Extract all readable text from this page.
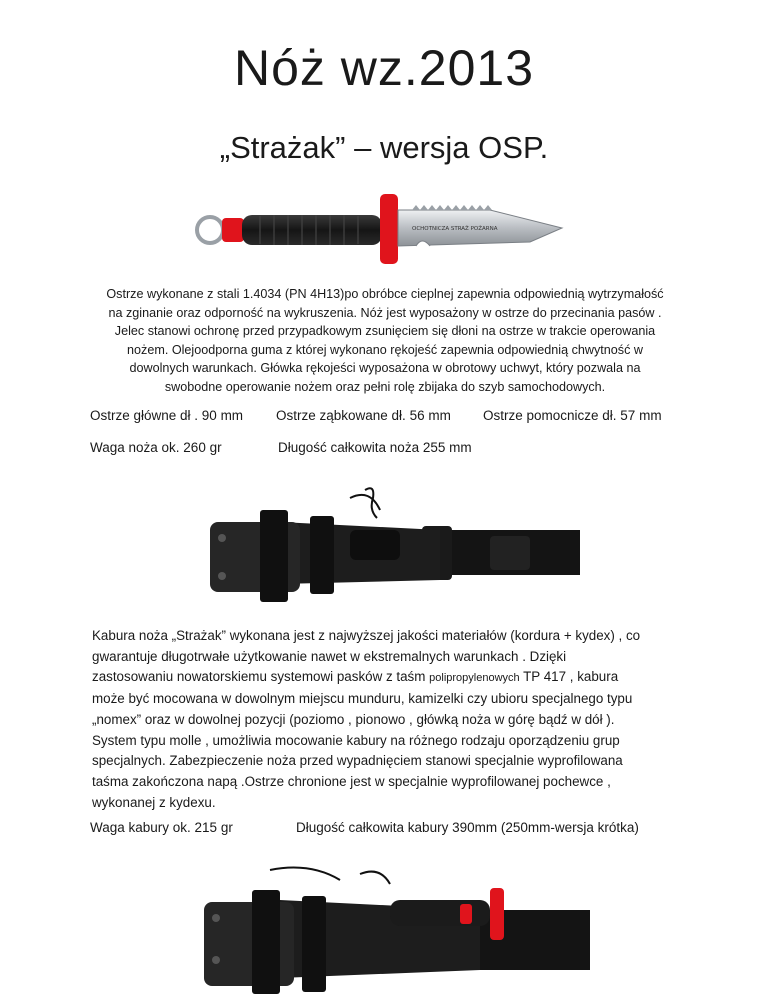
Nóż wz.2013
„Strażak” – wersja OSP.
OCHOTNICZA STRAŻ POŻARNA
Ostrze wykonane z stali 1.4034 (PN 4H13)po obróbce cieplnej zapewnia odpowiednią wytrzymałość
na zginanie oraz odporność na wykruszenia. Nóż jest wyposażony w ostrze do przecinania pasów .
Jelec stanowi ochronę przed przypadkowym zsunięciem się dłoni na ostrze w trakcie operowania
nożem. Olejoodporna guma z której wykonano rękojeść zapewnia odpowiednią chwytność w
dowolnych warunkach. Główka rękojeści wyposażona w obrotowy uchwyt, który pozwala na
swobodne operowanie nożem oraz pełni rolę zbijaka do szyb samochodowych.
Ostrze główne dł . 90 mm Ostrze ząbkowane dł. 56 mm Ostrze pomocnicze dł. 57 mm
Waga noża ok. 260 gr	Długość całkowita noża 255 mm
Kabura noża „Strażak” wykonana jest z najwyższej jakości materiałów (kordura + kydex) , co
gwarantuje długotrwałe użytkowanie nawet w ekstremalnych warunkach . Dzięki
zastosowaniu nowatorskiemu systemowi pasków z taśm polipropylenowych TP 417 , kabura
może być mocowana w dowolnym miejscu munduru, kamizelki czy ubioru specjalnego typu
„nomex” oraz w dowolnej pozycji (poziomo , pionowo , główką noża w górę bądź w dół ).
System typu molle , umożliwia mocowanie kabury na różnego rodzaju oporządzeniu grup
specjalnych. Zabezpieczenie noża przed wypadnięciem stanowi specjalnie wyprofilowana
taśma zakończona napą .Ostrze chronione jest w specjalnie wyprofilowanej pochewce ,
wykonanej z kydexu.
Waga kabury ok. 215 gr	Długość całkowita kabury 390mm (250mm-wersja krótka)
